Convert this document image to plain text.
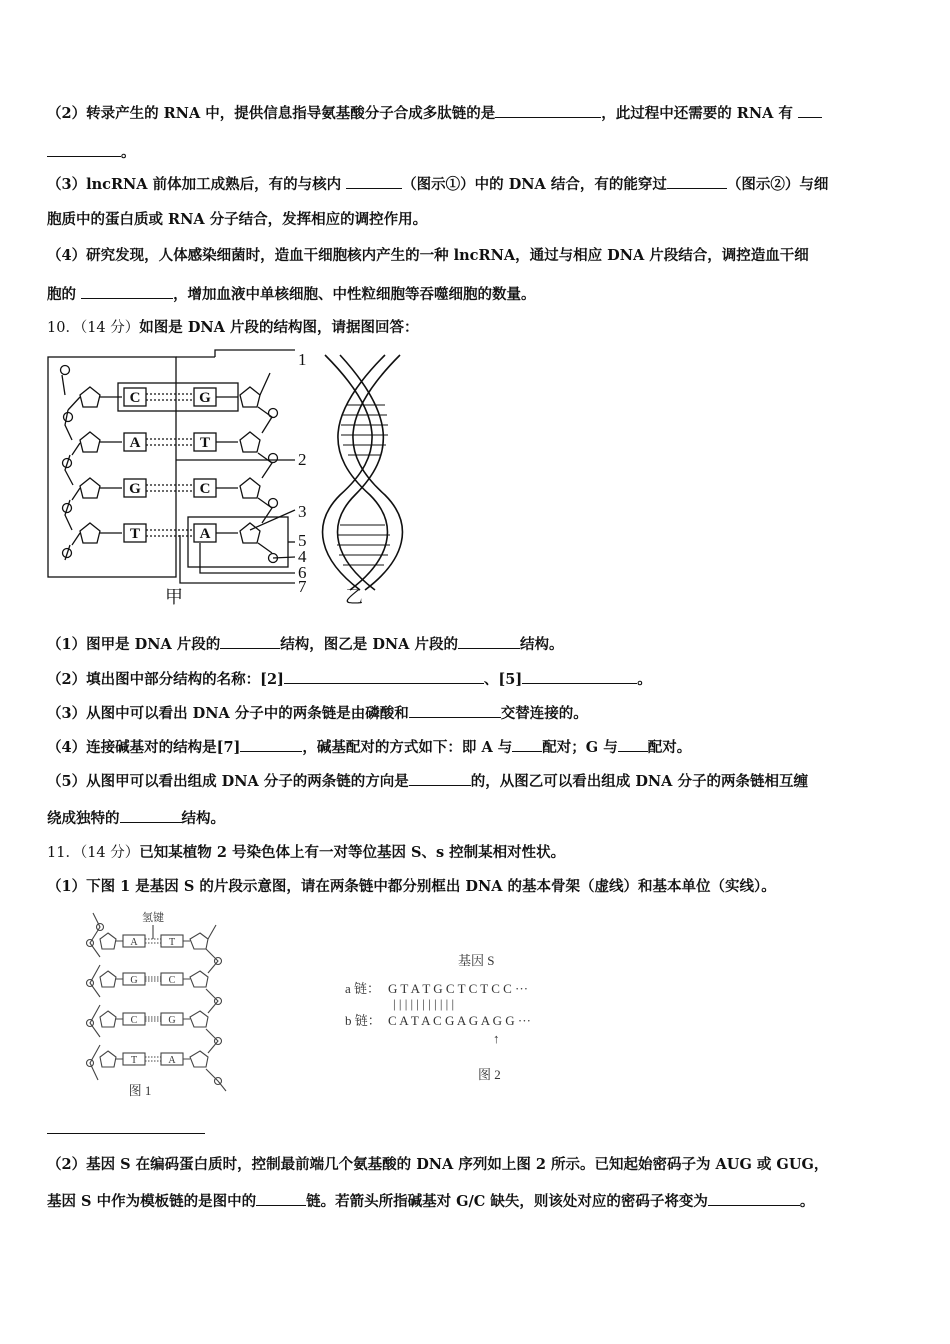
（2）转录产生的 RNA 中，提供信息指导氨基酸分子合成多肽链的是	，此过程中还需要的 RNA 有
。
（3）lncRNA 前体加工成熟后，有的与核内	（图示①）中的 DNA 结合，有的能穿过	（图示②）与细
胞质中的蛋白质或 RNA 分子结合，发挥相应的调控作用。
（4）研究发现，人体感染细菌时，造血干细胞核内产生的一种 lncRNA，通过与相应 DNA 片段结合，调控造血干细
胞的	，增加血液中单核细胞、中性粒细胞等吞噬细胞的数量。
10．（14 分）如图是 DNA 片段的结构图，请据图回答：
C
A
G
T
G
T
C
A
1
2
3
5
4
6
7
甲	乙
（1）图甲是 DNA 片段的	结构，图乙是 DNA 片段的	结构。
（2）填出图中部分结构的名称：[2]	、[5]	。
（3）从图中可以看出 DNA 分子中的两条链是由磷酸和	交替连接的。
（4）连接碱基对的结构是[7]	，碱基配对的方式如下：即 A 与 配对；G 与 配对。
（5）从图甲可以看出组成 DNA 分子的两条链的方向是	的，从图乙可以看出组成 DNA 分子的两条链相互缠
绕成独特的	结构。
11．（14 分）已知某植物 2 号染色体上有一对等位基因 S、s 控制某相对性状。
（1）下图 1 是基因 S 的片段示意图，请在两条链中都分别框出 DNA 的基本骨架（虚线）和基本单位（实线）。
氢键
A
G
C
T
T
C
G
A
图 1
基因 S
a 链： G T A T G C T C T C C ···
| | | | | | | | | | |
b 链： C A T A C G A G A G G ···
↑
图 2
（2）基因 S 在编码蛋白质时，控制最前端几个氨基酸的 DNA 序列如上图 2 所示。已知起始密码子为 AUG 或 GUG，
基因 S 中作为模板链的是图中的	链。若箭头所指碱基对 G/C 缺失，则该处对应的密码子将变为	。
